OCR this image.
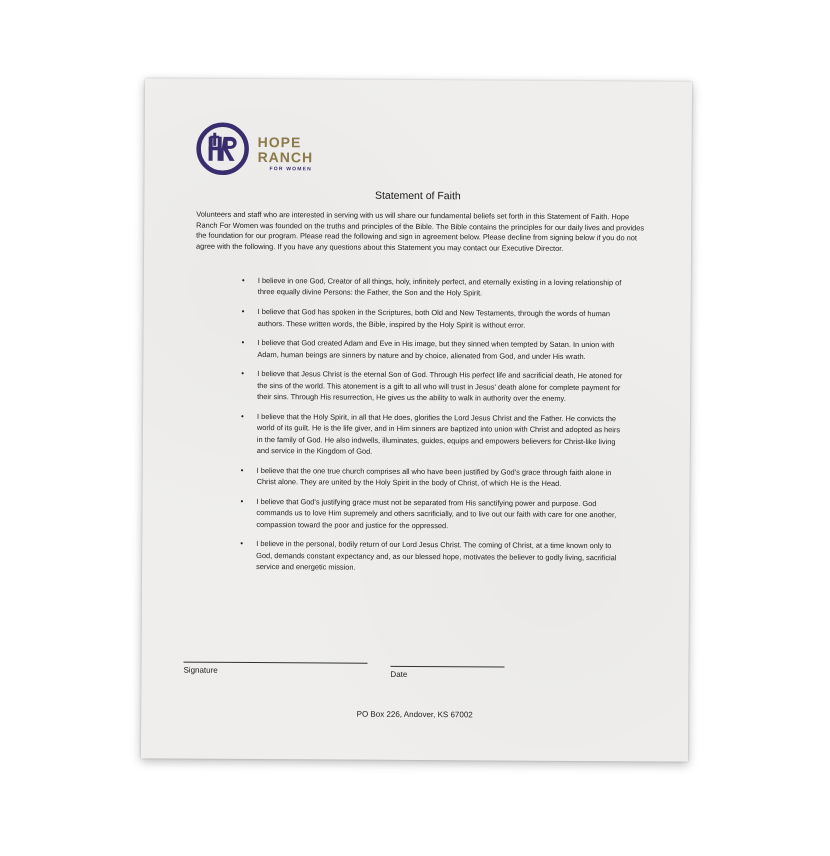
HOPE
RANCH
FOR WOMEN
Statement of Faith
Volunteers and staff who are interested in serving with us will share our fundamental beliefs set forth in this Statement of Faith. Hope Ranch For Women was founded on the truths and principles of the Bible. The Bible contains the principles for our daily lives and provides the foundation for our program. Please read the following and sign in agreement below. Please decline from signing below if you do not agree with the following. If you have any questions about this Statement you may contact our Executive Director.
• I believe in one God, Creator of all things, holy, infinitely perfect, and eternally existing in a loving relationship of three equally divine Persons: the Father, the Son and the Holy Spirit.
• I believe that God has spoken in the Scriptures, both Old and New Testaments, through the words of human authors. These written words, the Bible, inspired by the Holy Spirit is without error.
• I believe that God created Adam and Eve in His image, but they sinned when tempted by Satan. In union with Adam, human beings are sinners by nature and by choice, alienated from God, and under His wrath.
• I believe that Jesus Christ is the eternal Son of God. Through His perfect life and sacrificial death, He atoned for the sins of the world. This atonement is a gift to all who will trust in Jesus' death alone for complete payment for their sins. Through His resurrection, He gives us the ability to walk in authority over the enemy.
• I believe that the Holy Spirit, in all that He does, glorifies the Lord Jesus Christ and the Father. He convicts the world of its guilt. He is the life giver, and in Him sinners are baptized into union with Christ and adopted as heirs in the family of God. He also indwells, illuminates, guides, equips and empowers believers for Christ-like living and service in the Kingdom of God.
• I believe that the one true church comprises all who have been justified by God's grace through faith alone in Christ alone. They are united by the Holy Spirit in the body of Christ, of which He is the Head.
• I believe that God's justifying grace must not be separated from His sanctifying power and purpose. God commands us to love Him supremely and others sacrificially, and to live out our faith with care for one another, compassion toward the poor and justice for the oppressed.
• I believe in the personal, bodily return of our Lord Jesus Christ. The coming of Christ, at a time known only to God, demands constant expectancy and, as our blessed hope, motivates the believer to godly living, sacrificial service and energetic mission.
Signature	Date
PO Box 226, Andover, KS 67002
